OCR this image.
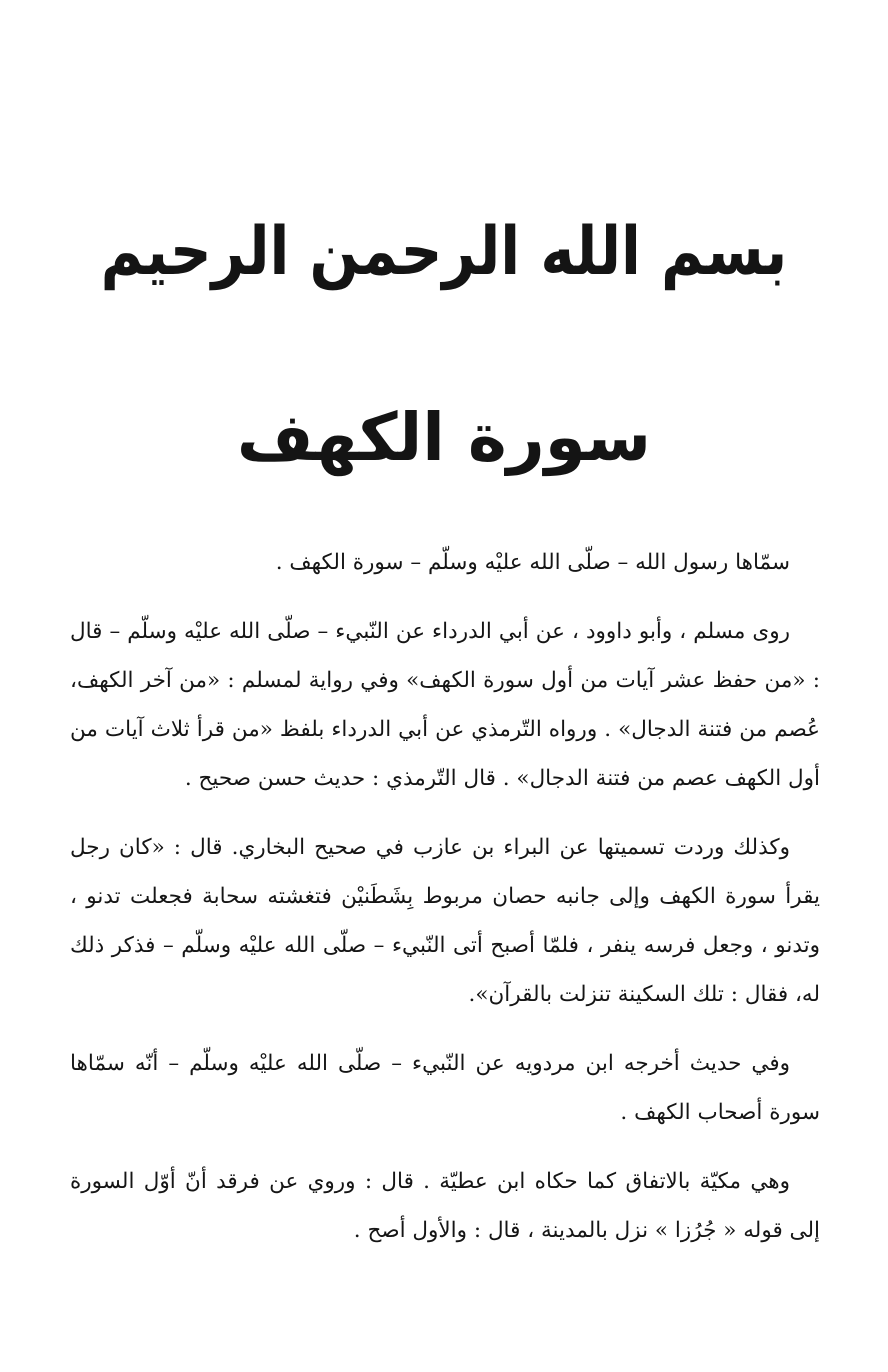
بسم الله الرحمن الرحيم
سورة الكهف

سمّاها رسول الله – صلّى الله عليْه وسلّم – سورة الكهف .

روى مسلم ، وأبو داوود ، عن أبي الدرداء عن النّبيء – صلّى الله عليْه وسلّم – قال : «من حفظ عشر آيات من أول سورة الكهف» وفي رواية لمسلم : «من آخر الكهف، عُصم من فتنة الدجال» . ورواه التّرمذي عن أبي الدرداء بلفظ «من قرأ ثلاث آيات من أول الكهف عصم من فتنة الدجال» . قال التّرمذي : حديث حسن صحيح .

وكذلك وردت تسميتها عن البراء بن عازب في صحيح البخاري. قال : «كان رجل يقرأ سورة الكهف وإلى جانبه حصان مربوط بِشَطَنيْن فتغشته سحابة فجعلت تدنو ، وتدنو ، وجعل فرسه ينفر ، فلمّا أصبح أتى النّبيء – صلّى الله عليْه وسلّم – فذكر ذلك له، فقال : تلك السكينة تنزلت بالقرآن».

وفي حديث أخرجه ابن مردويه عن النّبيء – صلّى الله عليْه وسلّم – أنّه سمّاها سورة أصحاب الكهف .

وهي مكيّة بالاتفاق كما حكاه ابن عطيّة . قال : وروي عن فرقد أنّ أوّل السورة إلى قوله « جُرُزا » نزل بالمدينة ، قال : والأول أصح .
